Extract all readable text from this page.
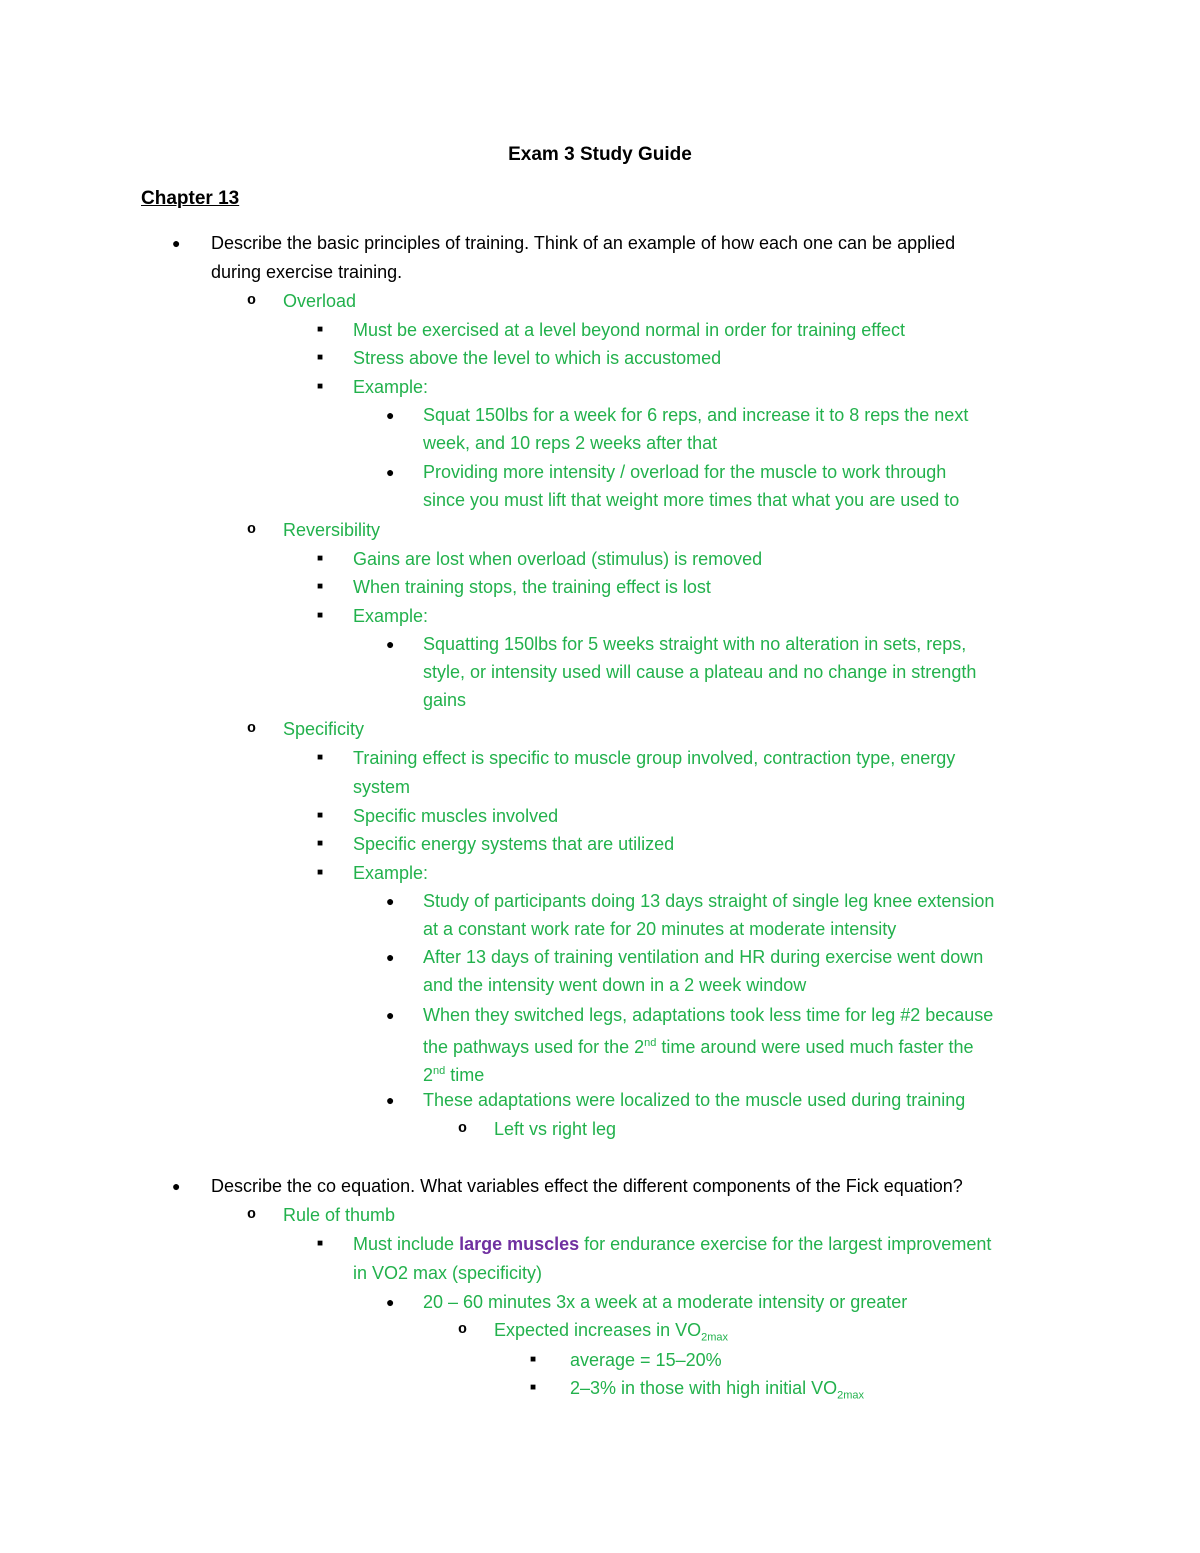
Exam 3 Study Guide
Chapter 13
● Describe the basic principles of training. Think of an example of how each one can be applied
during exercise training.
o Overload
■ Must be exercised at a level beyond normal in order for training effect
■ Stress above the level to which is accustomed
■ Example:
● Squat 150lbs for a week for 6 reps, and increase it to 8 reps the next
week, and 10 reps 2 weeks after that
● Providing more intensity / overload for the muscle to work through
since you must lift that weight more times that what you are used to
o Reversibility
■ Gains are lost when overload (stimulus) is removed
■ When training stops, the training effect is lost
■ Example:
● Squatting 150lbs for 5 weeks straight with no alteration in sets, reps,
style, or intensity used will cause a plateau and no change in strength
gains
o Specificity
■ Training effect is specific to muscle group involved, contraction type, energy
system
■ Specific muscles involved
■ Specific energy systems that are utilized
■ Example:
● Study of participants doing 13 days straight of single leg knee extension
at a constant work rate for 20 minutes at moderate intensity
● After 13 days of training ventilation and HR during exercise went down
and the intensity went down in a 2 week window
● When they switched legs, adaptations took less time for leg #2 because
the pathways used for the 2nd time around were used much faster the
2nd time
● These adaptations were localized to the muscle used during training
o Left vs right leg
● Describe the co equation. What variables effect the different components of the Fick equation?
o Rule of thumb
■ Must include large muscles for endurance exercise for the largest improvement
in VO2 max (specificity)
● 20 – 60 minutes 3x a week at a moderate intensity or greater
o Expected increases in $VO_{2max}$
■ average = 15–20%
■ 2–3% in those with high initial $VO_{2max}$
